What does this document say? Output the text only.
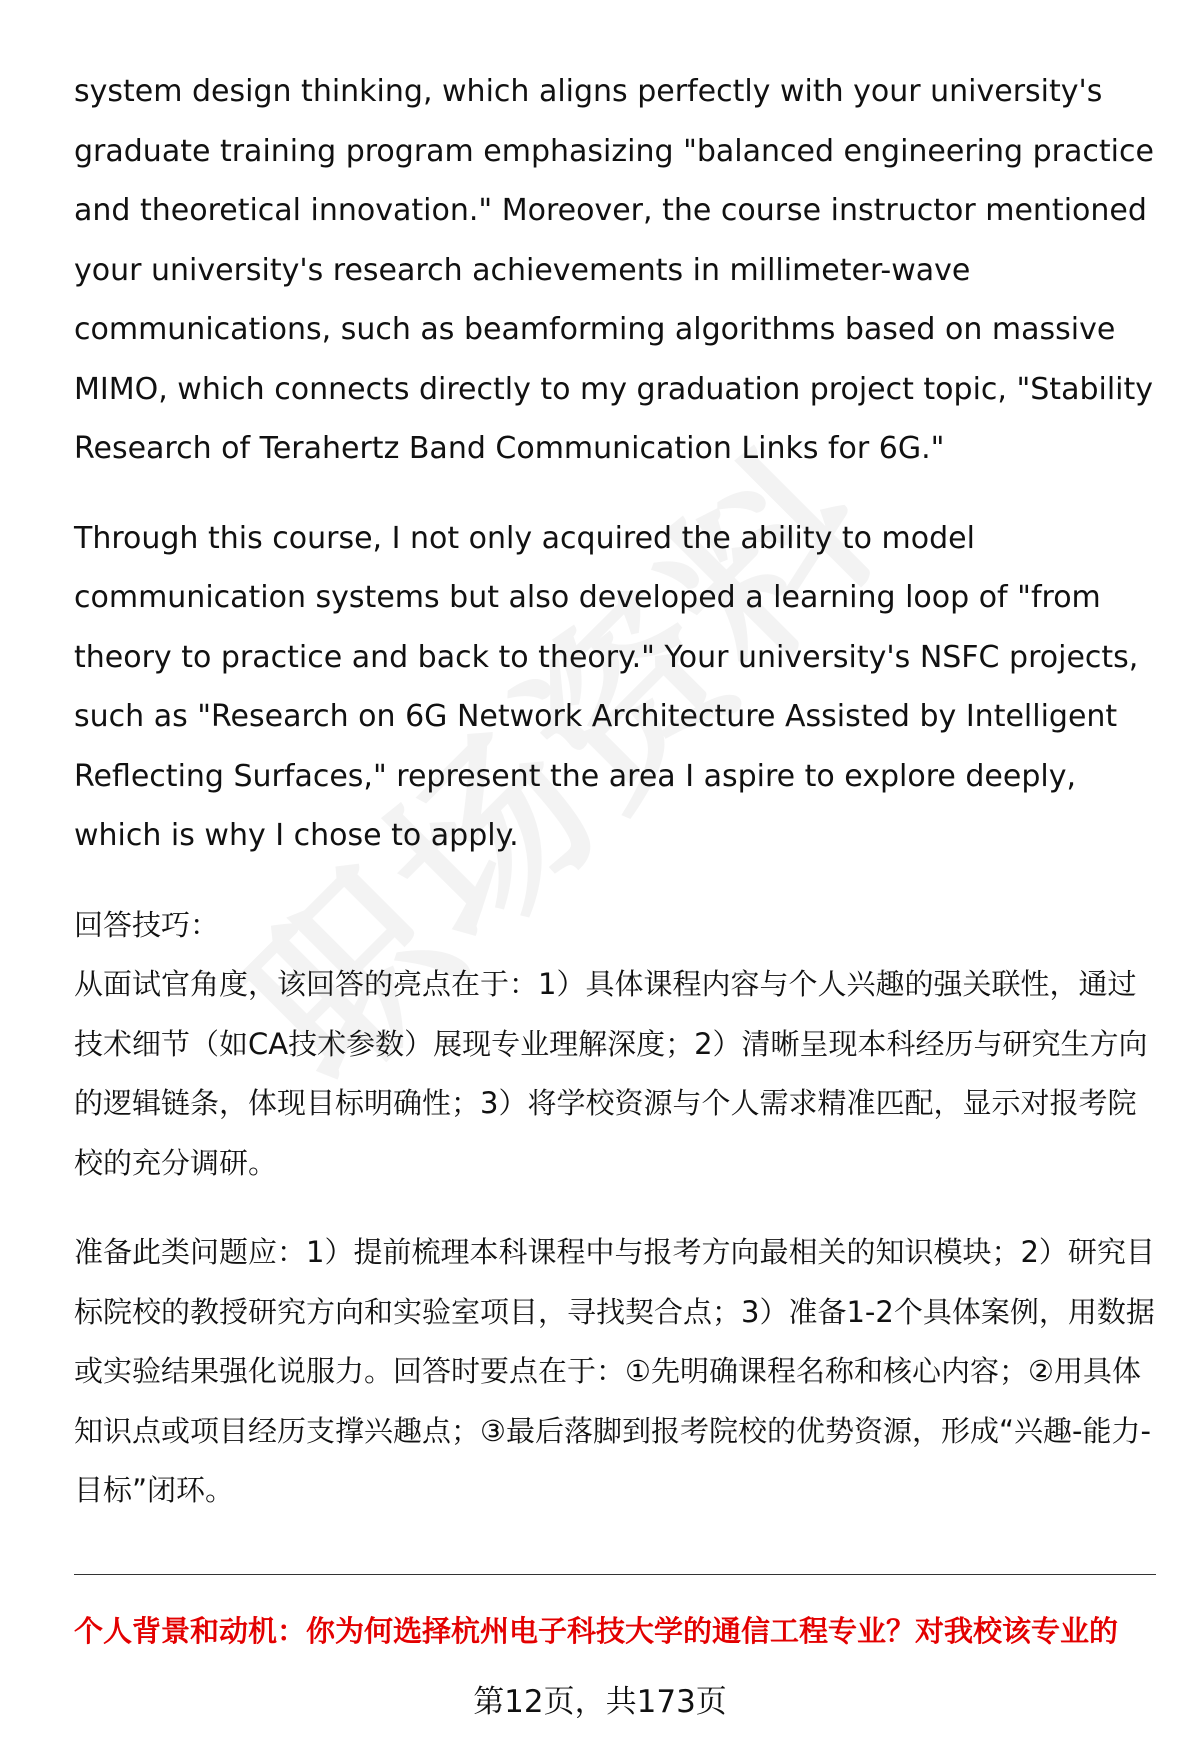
system design thinking, which aligns perfectly with your university's graduate training program emphasizing "balanced engineering practice and theoretical innovation." Moreover, the course instructor mentioned your university's research achievements in millimeter-wave communications, such as beamforming algorithms based on massive MIMO, which connects directly to my graduation project topic, "Stability Research of Terahertz Band Communication Links for 6G."

Through this course, I not only acquired the ability to model communication systems but also developed a learning loop of "from theory to practice and back to theory." Your university's NSFC projects, such as "Research on 6G Network Architecture Assisted by Intelligent Reflecting Surfaces," represent the area I aspire to explore deeply, which is why I chose to apply.

回答技巧：

从面试官角度，该回答的亮点在于：1）具体课程内容与个人兴趣的强关联性，通过技术细节（如CA技术参数）展现专业理解深度；2）清晰呈现本科经历与研究生方向的逻辑链条，体现目标明确性；3）将学校资源与个人需求精准匹配，显示对报考院校的充分调研。

准备此类问题应：1）提前梳理本科课程中与报考方向最相关的知识模块；2）研究目标院校的教授研究方向和实验室项目，寻找契合点；3）准备1-2个具体案例，用数据或实验结果强化说服力。回答时要点在于：①先明确课程名称和核心内容；②用具体知识点或项目经历支撑兴趣点；③最后落脚到报考院校的优势资源，形成“兴趣-能力-目标”闭环。

个人背景和动机：你为何选择杭州电子科技大学的通信工程专业？对我校该专业的
第12页，共173页
